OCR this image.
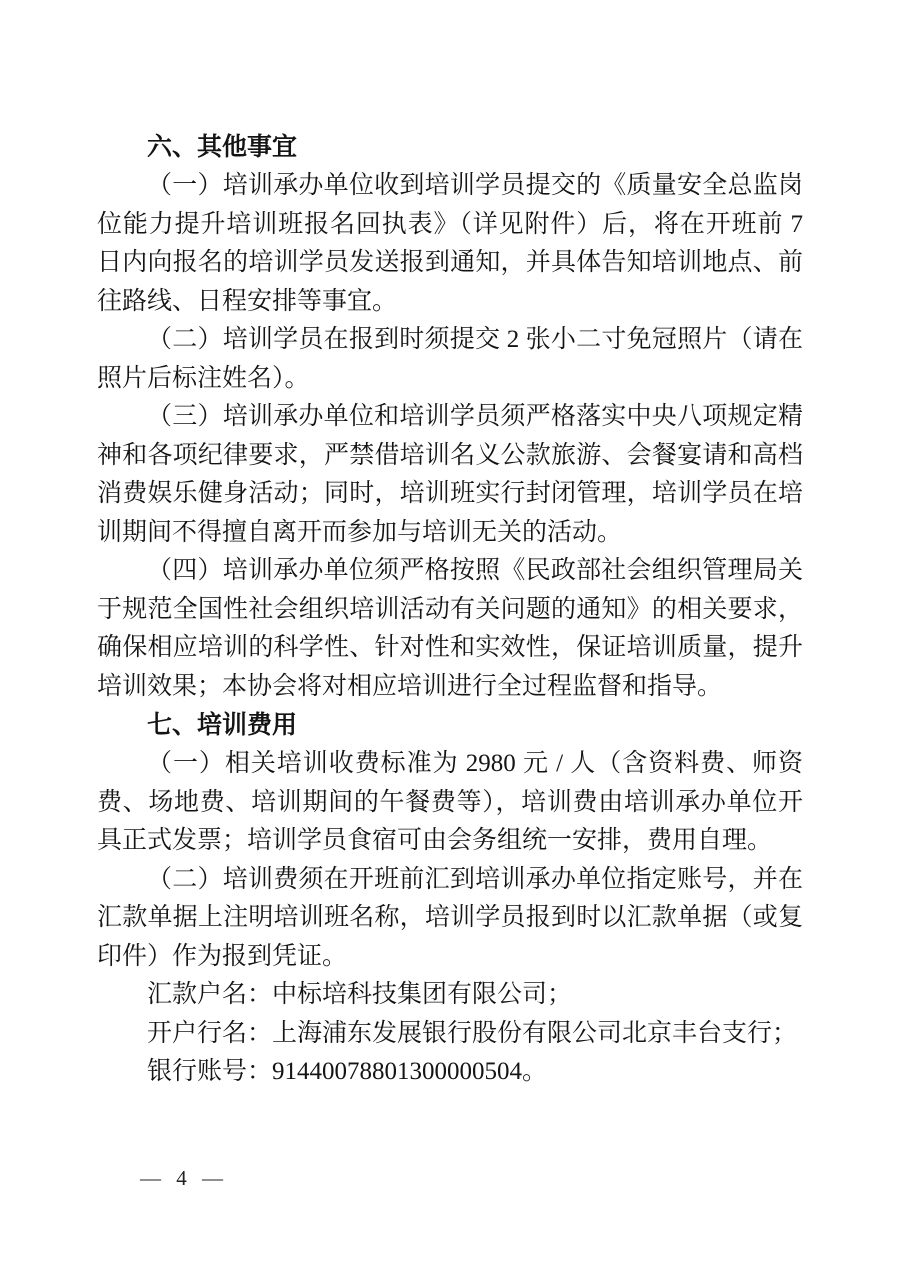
六、其他事宜

（一）培训承办单位收到培训学员提交的《质量安全总监岗位能力提升培训班报名回执表》（详见附件）后，将在开班前 7 日内向报名的培训学员发送报到通知，并具体告知培训地点、前往路线、日程安排等事宜。

（二）培训学员在报到时须提交 2 张小二寸免冠照片（请在照片后标注姓名）。

（三）培训承办单位和培训学员须严格落实中央八项规定精神和各项纪律要求，严禁借培训名义公款旅游、会餐宴请和高档消费娱乐健身活动；同时，培训班实行封闭管理，培训学员在培训期间不得擅自离开而参加与培训无关的活动。

（四）培训承办单位须严格按照《民政部社会组织管理局关于规范全国性社会组织培训活动有关问题的通知》的相关要求，确保相应培训的科学性、针对性和实效性，保证培训质量，提升培训效果；本协会将对相应培训进行全过程监督和指导。

七、培训费用

（一）相关培训收费标准为 2980 元 / 人（含资料费、师资费、场地费、培训期间的午餐费等），培训费由培训承办单位开具正式发票；培训学员食宿可由会务组统一安排，费用自理。

（二）培训费须在开班前汇到培训承办单位指定账号，并在汇款单据上注明培训班名称，培训学员报到时以汇款单据（或复印件）作为报到凭证。

汇款户名：中标培科技集团有限公司；

开户行名：上海浦东发展银行股份有限公司北京丰台支行；

银行账号：91440078801300000504。

— 4 —
